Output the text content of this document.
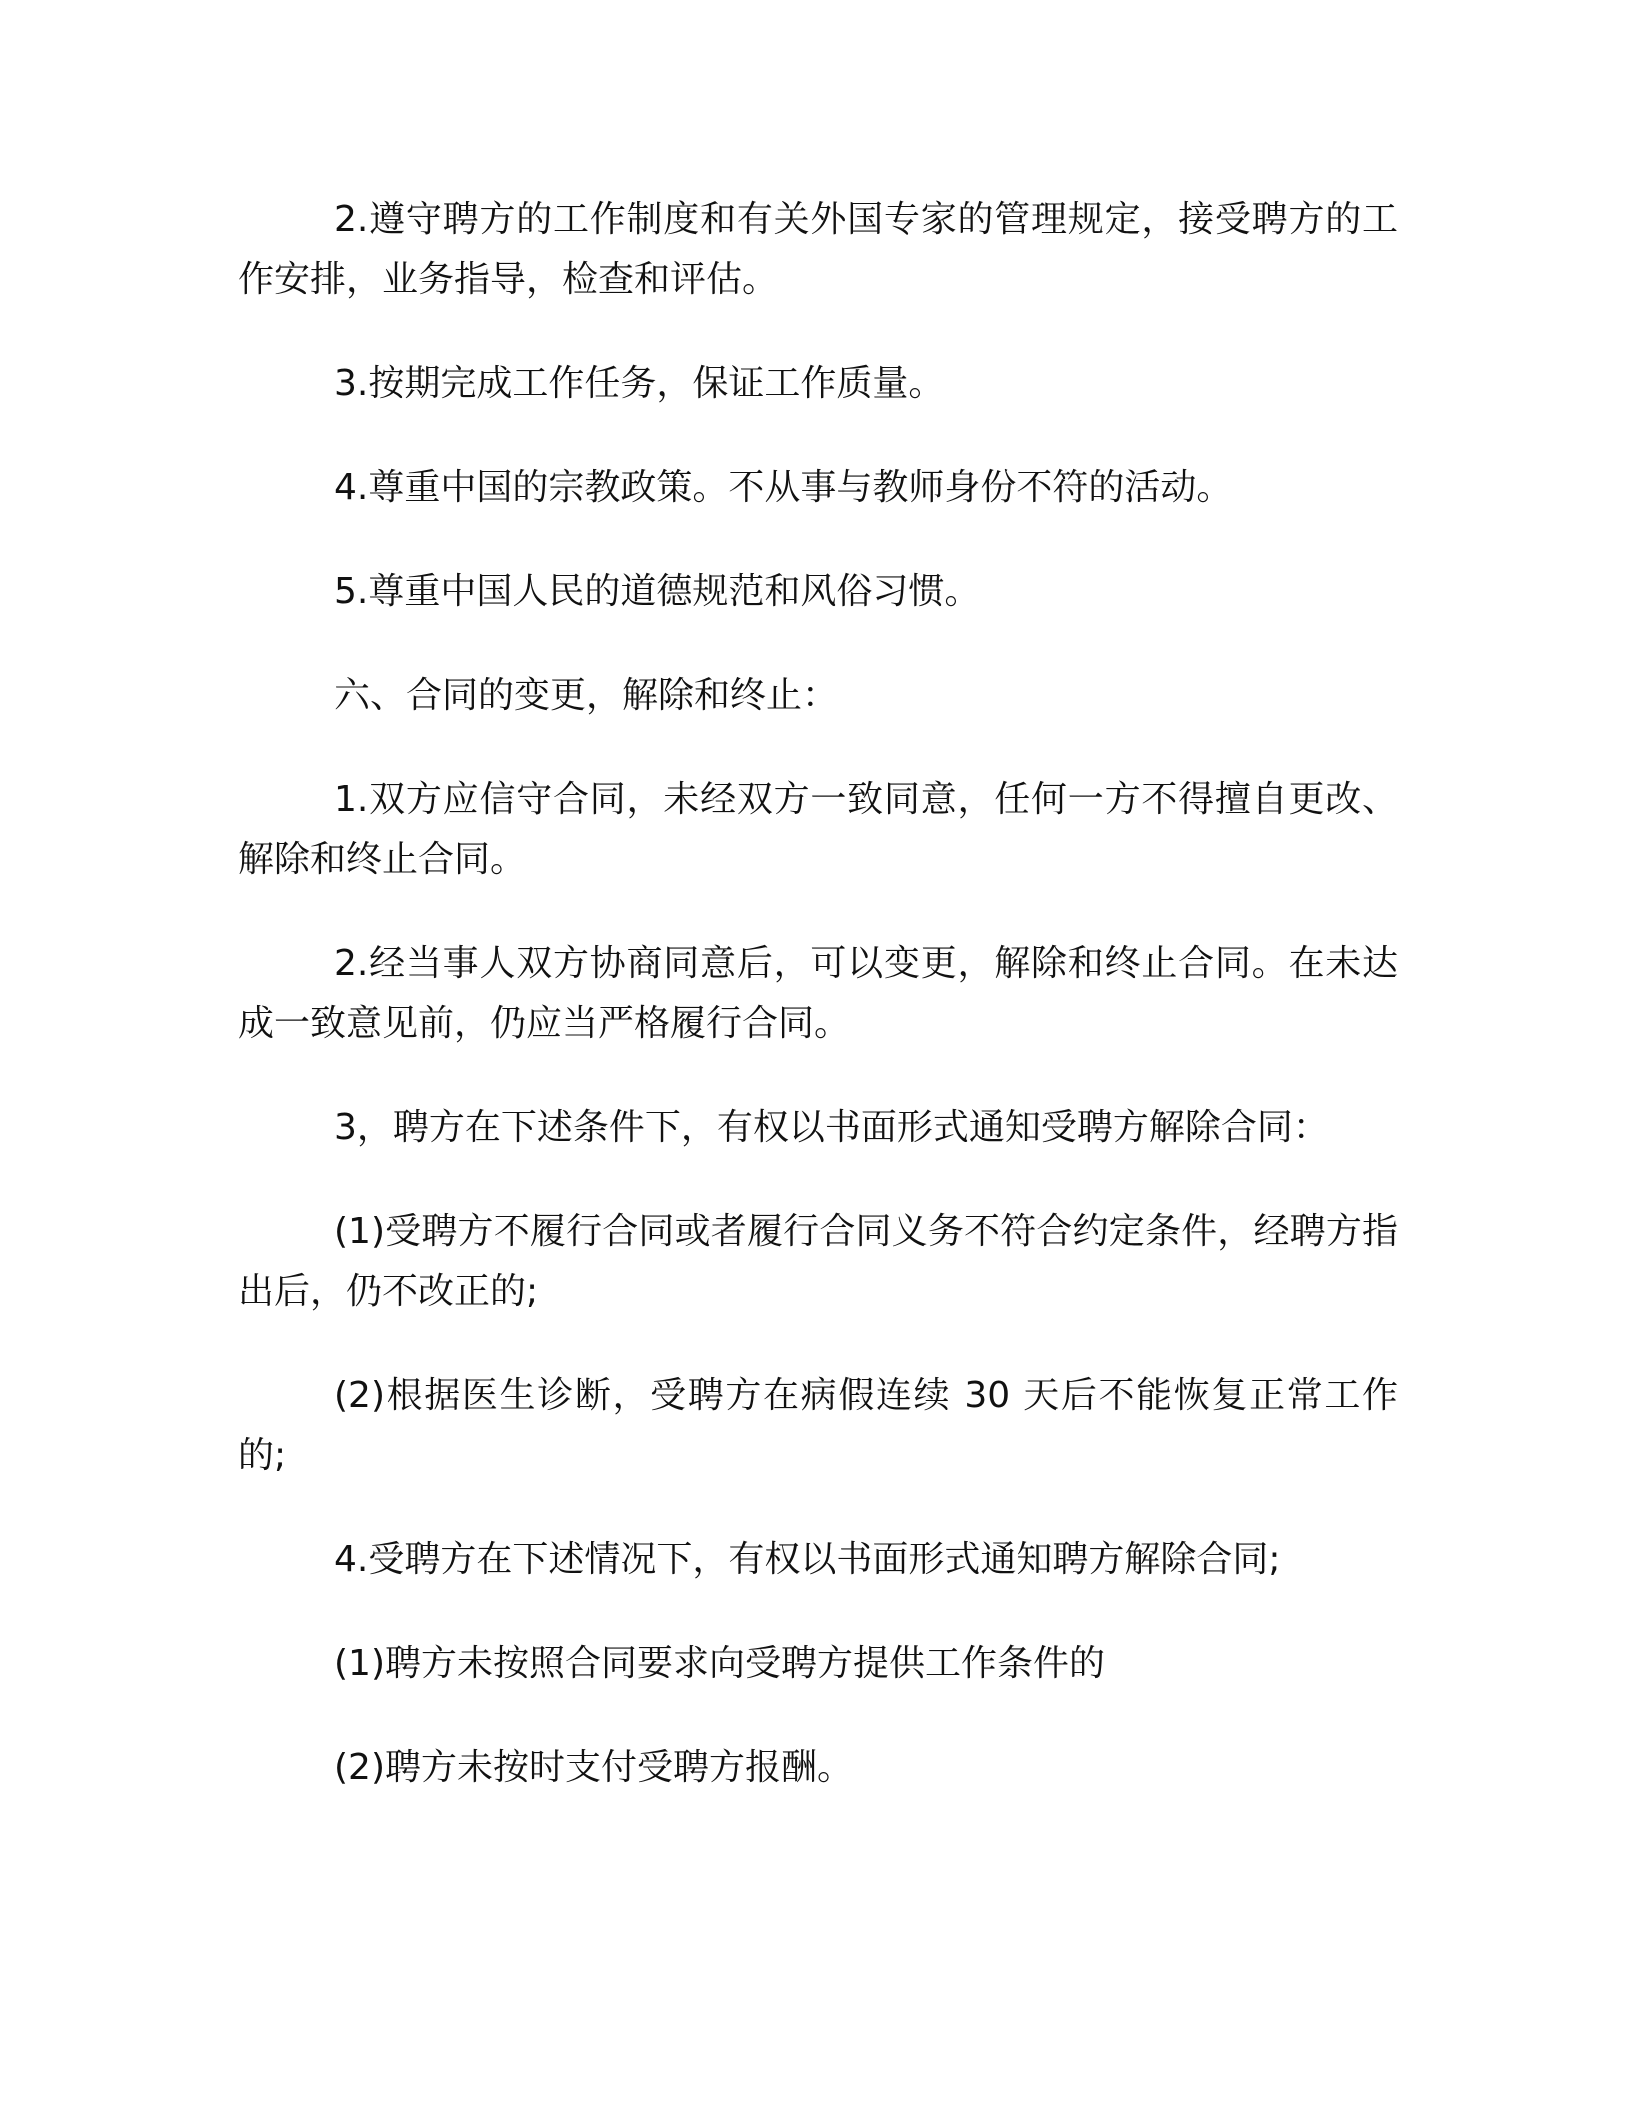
2.遵守聘方的工作制度和有关外国专家的管理规定，接受聘方的工作安排，业务指导，检查和评估。

3.按期完成工作任务，保证工作质量。

4.尊重中国的宗教政策。不从事与教师身份不符的活动。

5.尊重中国人民的道德规范和风俗习惯。

六、合同的变更，解除和终止：

1.双方应信守合同，未经双方一致同意，任何一方不得擅自更改、解除和终止合同。

2.经当事人双方协商同意后，可以变更，解除和终止合同。在未达成一致意见前，仍应当严格履行合同。

3，聘方在下述条件下，有权以书面形式通知受聘方解除合同：

(1)受聘方不履行合同或者履行合同义务不符合约定条件，经聘方指出后，仍不改正的;

(2)根据医生诊断，受聘方在病假连续 30 天后不能恢复正常工作的;

4.受聘方在下述情况下，有权以书面形式通知聘方解除合同;

(1)聘方未按照合同要求向受聘方提供工作条件的

(2)聘方未按时支付受聘方报酬。
